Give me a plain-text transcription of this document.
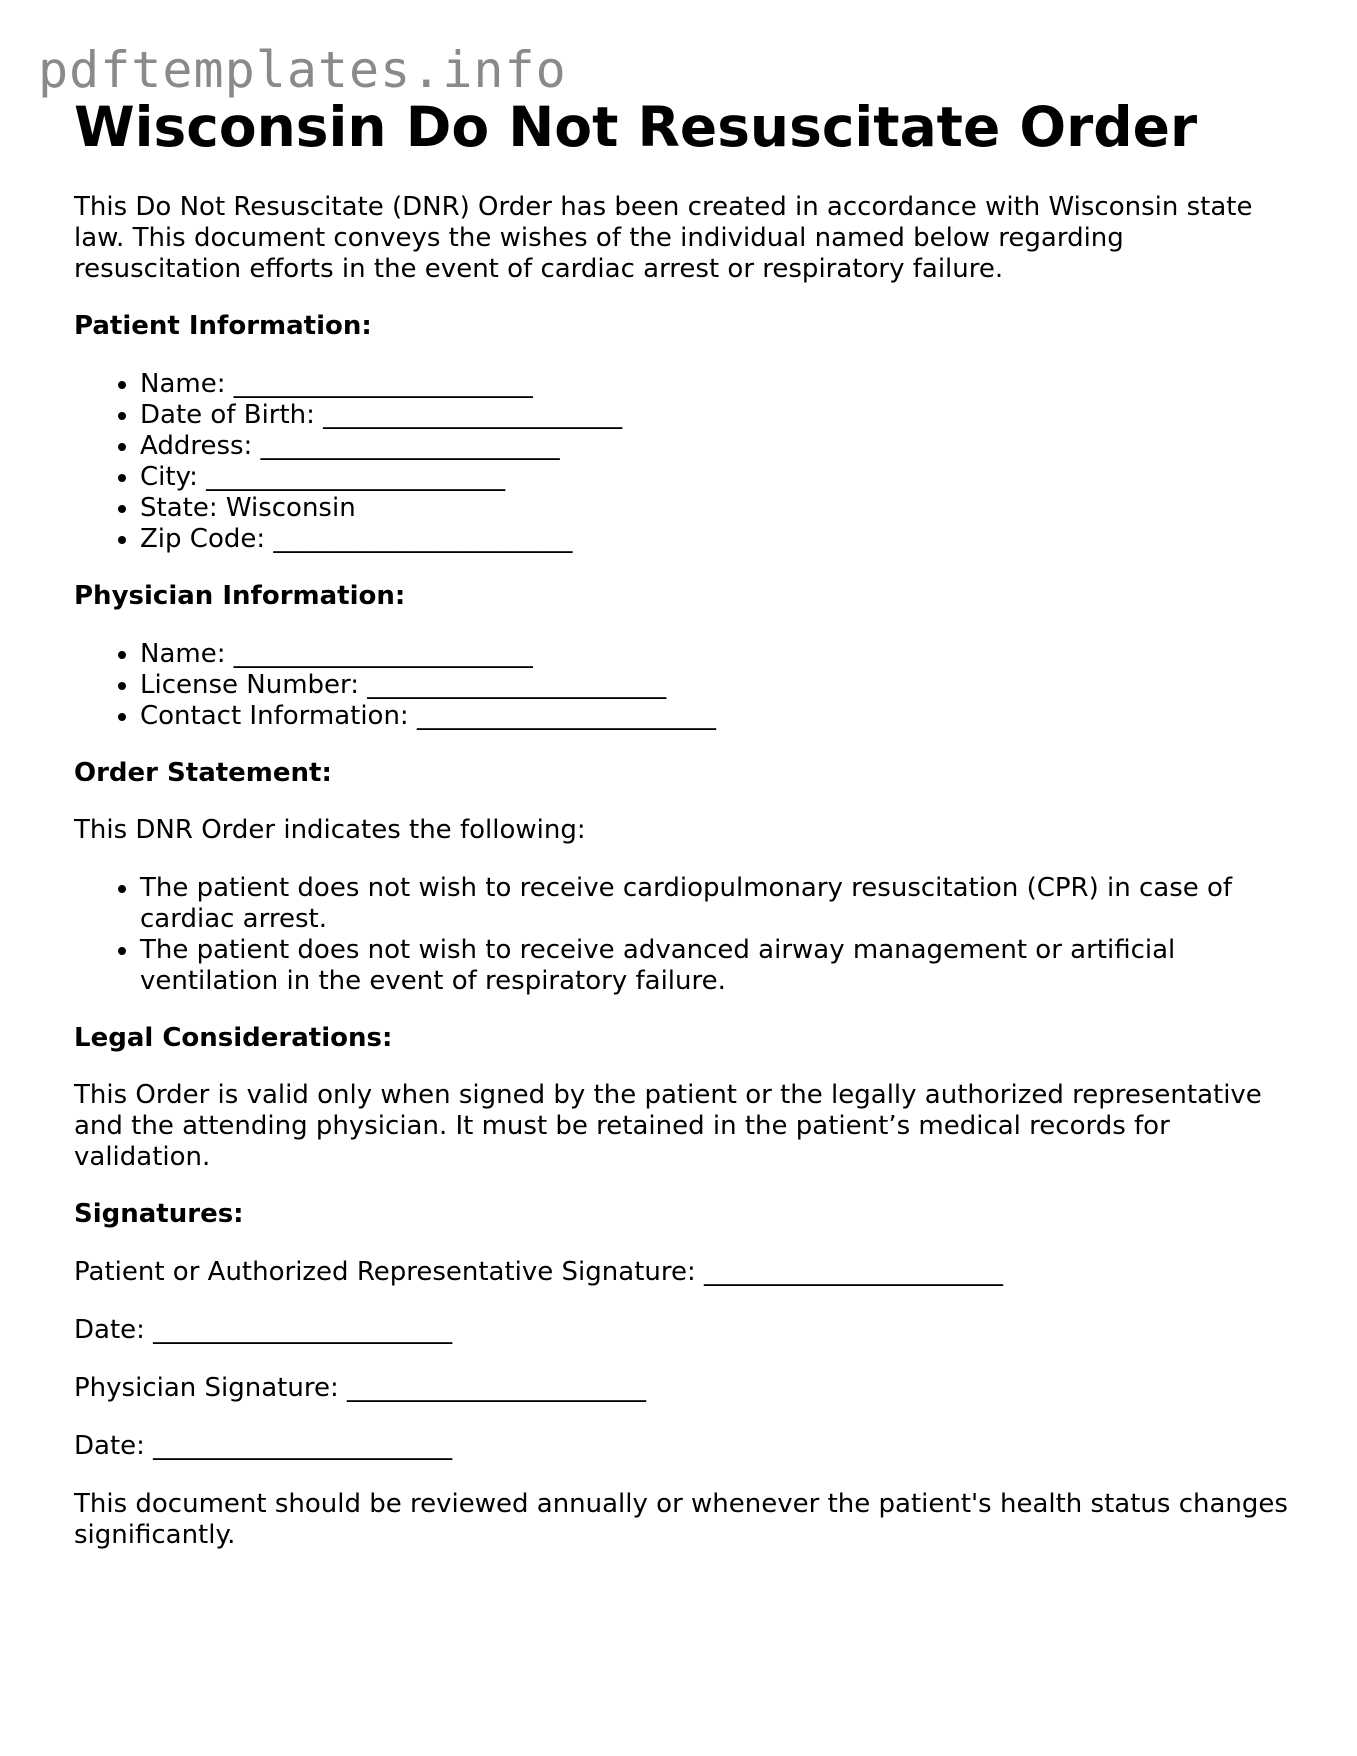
pdftemplates.info
Wisconsin Do Not Resuscitate Order

This Do Not Resuscitate (DNR) Order has been created in accordance with Wisconsin state law. This document conveys the wishes of the individual named below regarding resuscitation efforts in the event of cardiac arrest or respiratory failure.

Patient Information:
• Name: _______________________
• Date of Birth: _______________________
• Address: _______________________
• City: _______________________
• State: Wisconsin
• Zip Code: _______________________
Physician Information:
• Name: _______________________
• License Number: _______________________
• Contact Information: _______________________
Order Statement:

This DNR Order indicates the following:

• The patient does not wish to receive cardiopulmonary resuscitation (CPR) in case of cardiac arrest.
• The patient does not wish to receive advanced airway management or artificial ventilation in the event of respiratory failure.
Legal Considerations:

This Order is valid only when signed by the patient or the legally authorized representative and the attending physician. It must be retained in the patient’s medical records for validation.

Signatures:

Patient or Authorized Representative Signature: _______________________

Date: _______________________

Physician Signature: _______________________

Date: _______________________

This document should be reviewed annually or whenever the patient's health status changes significantly.
